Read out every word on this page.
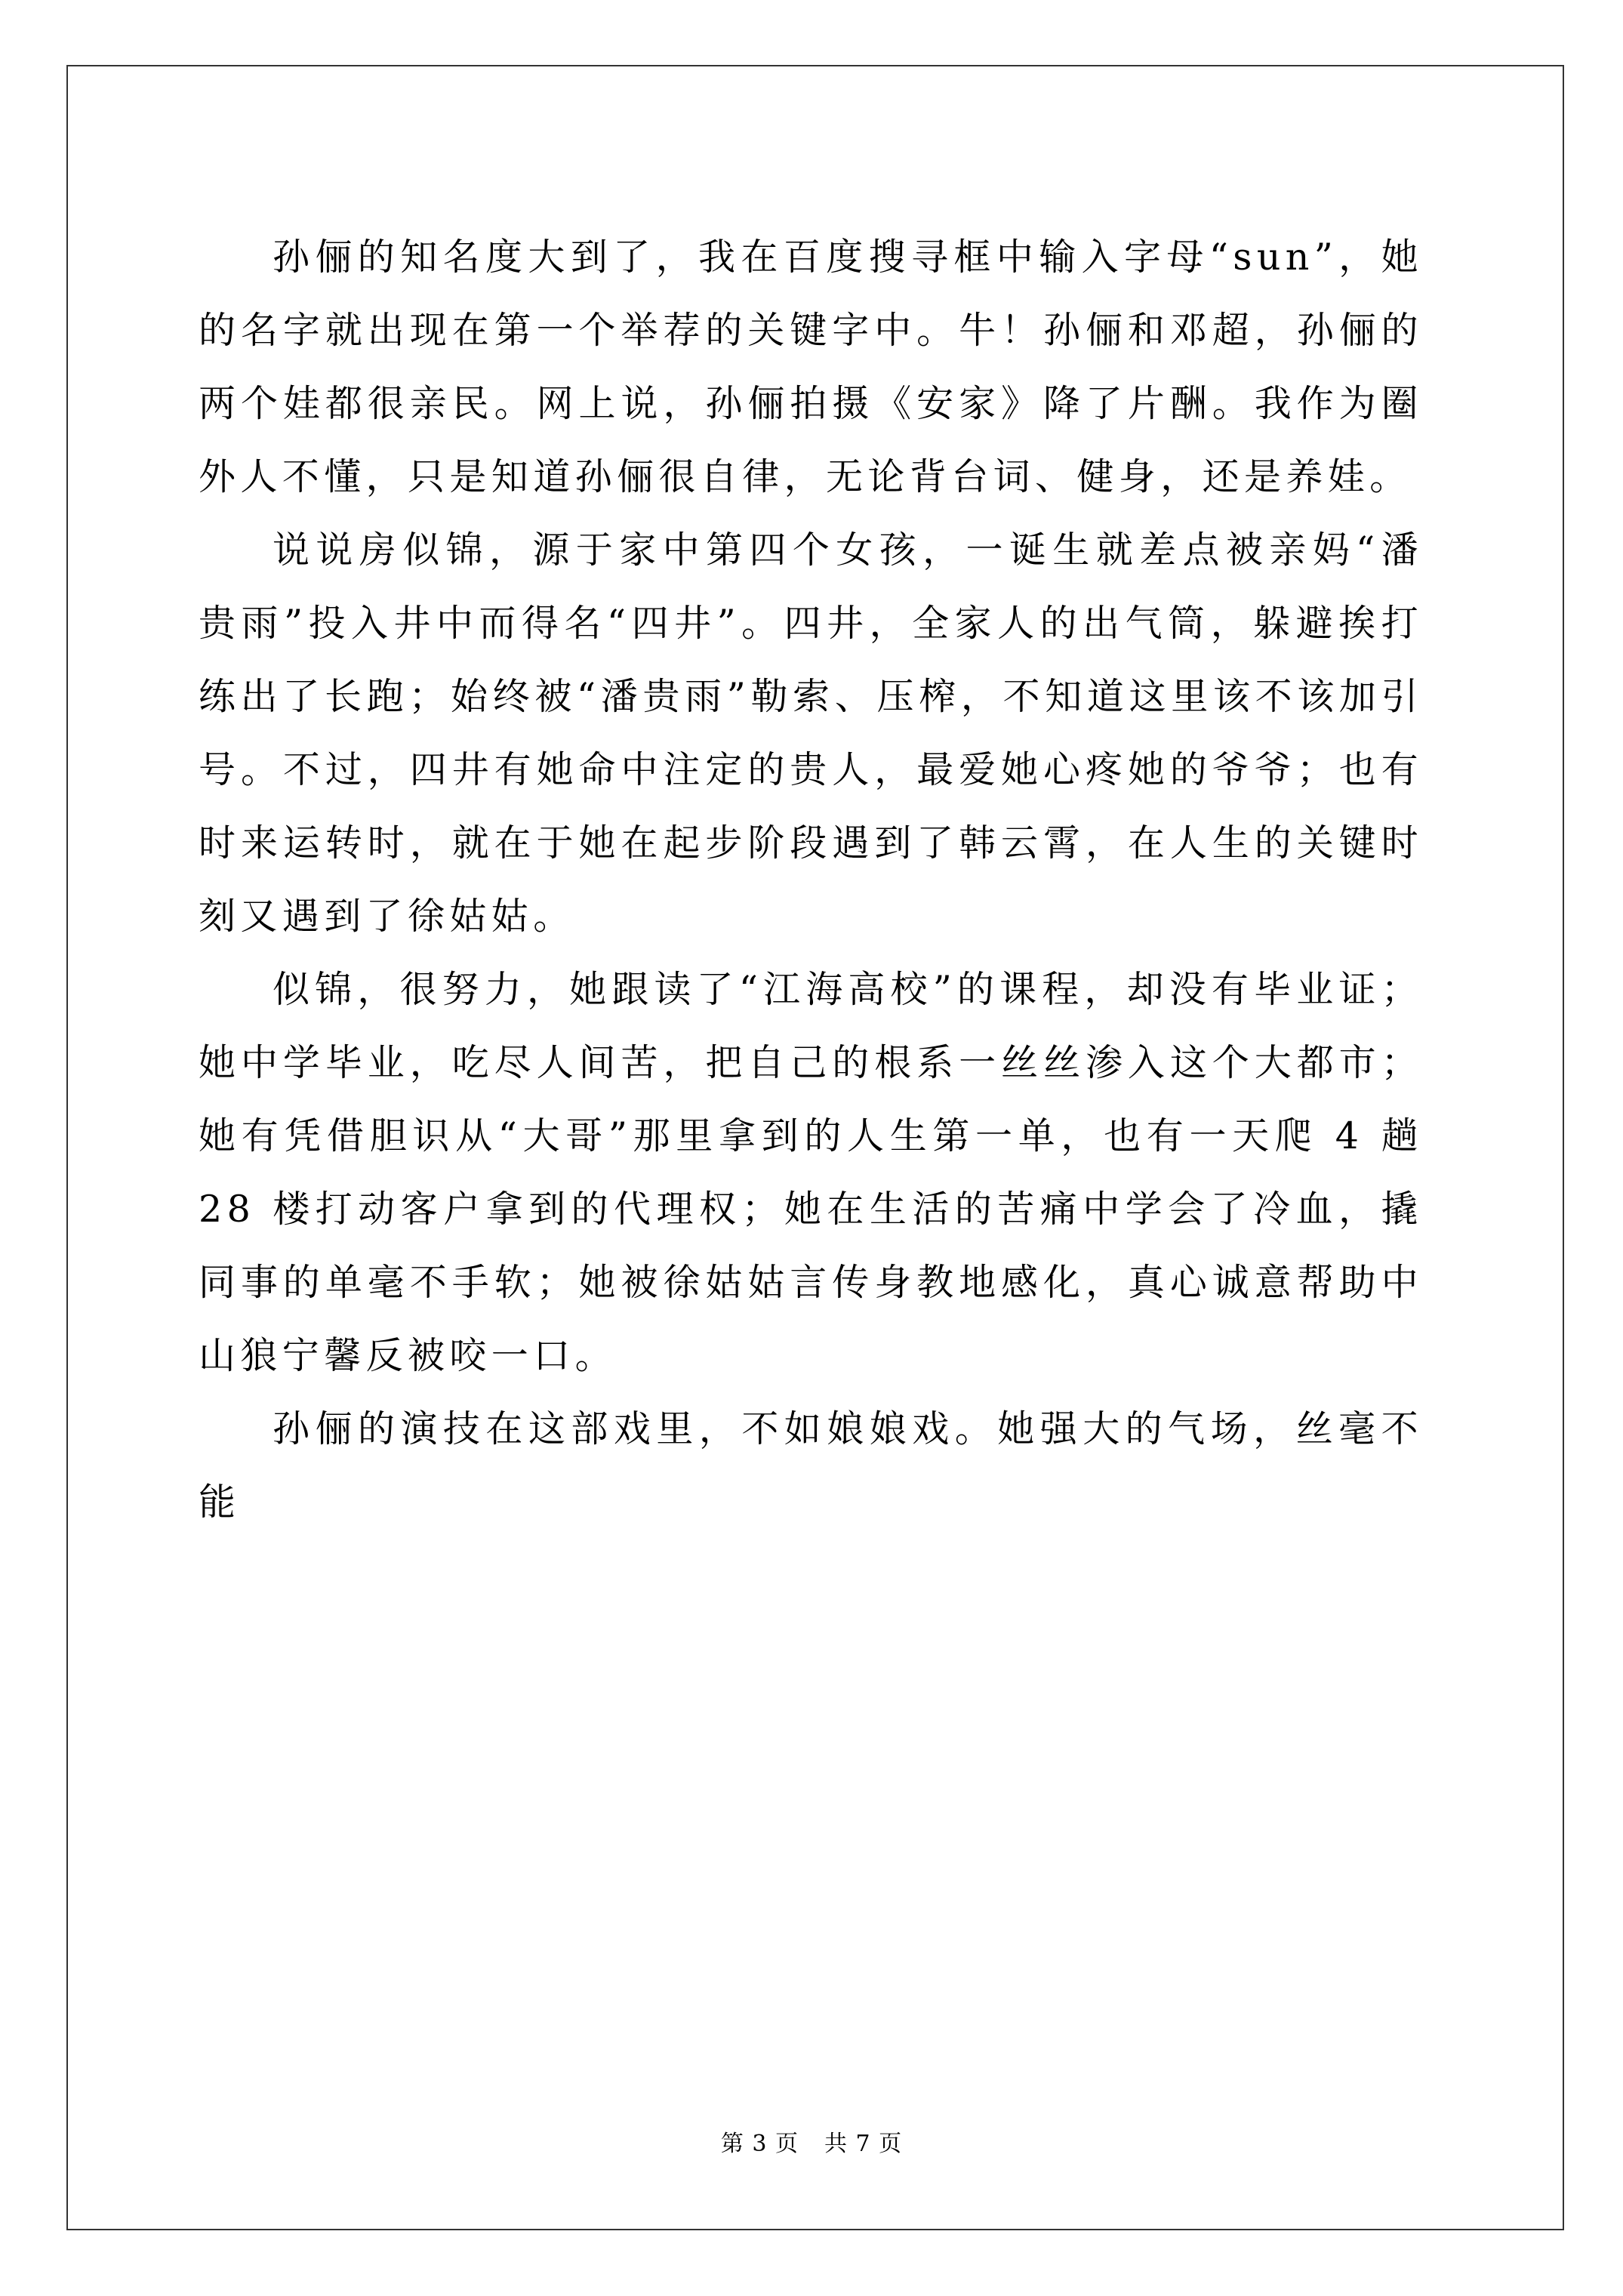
孙俪的知名度大到了，我在百度搜寻框中输入字母“sun”，她的名字就出现在第一个举荐的关键字中。牛！孙俪和邓超，孙俪的两个娃都很亲民。网上说，孙俪拍摄《安家》降了片酬。我作为圈外人不懂，只是知道孙俪很自律，无论背台词、健身，还是养娃。

说说房似锦，源于家中第四个女孩，一诞生就差点被亲妈“潘贵雨”投入井中而得名“四井”。四井，全家人的出气筒，躲避挨打练出了长跑；始终被“潘贵雨”勒索、压榨，不知道这里该不该加引号。不过，四井有她命中注定的贵人，最爱她心疼她的爷爷；也有时来运转时，就在于她在起步阶段遇到了韩云霄，在人生的关键时刻又遇到了徐姑姑。

似锦，很努力，她跟读了“江海高校”的课程，却没有毕业证；她中学毕业，吃尽人间苦，把自己的根系一丝丝渗入这个大都市；她有凭借胆识从“大哥”那里拿到的人生第一单，也有一天爬 4 趟 28 楼打动客户拿到的代理权；她在生活的苦痛中学会了冷血，撬同事的单毫不手软；她被徐姑姑言传身教地感化，真心诚意帮助中山狼宁馨反被咬一口。

孙俪的演技在这部戏里，不如娘娘戏。她强大的气场，丝毫不能

第 3 页 共 7 页
